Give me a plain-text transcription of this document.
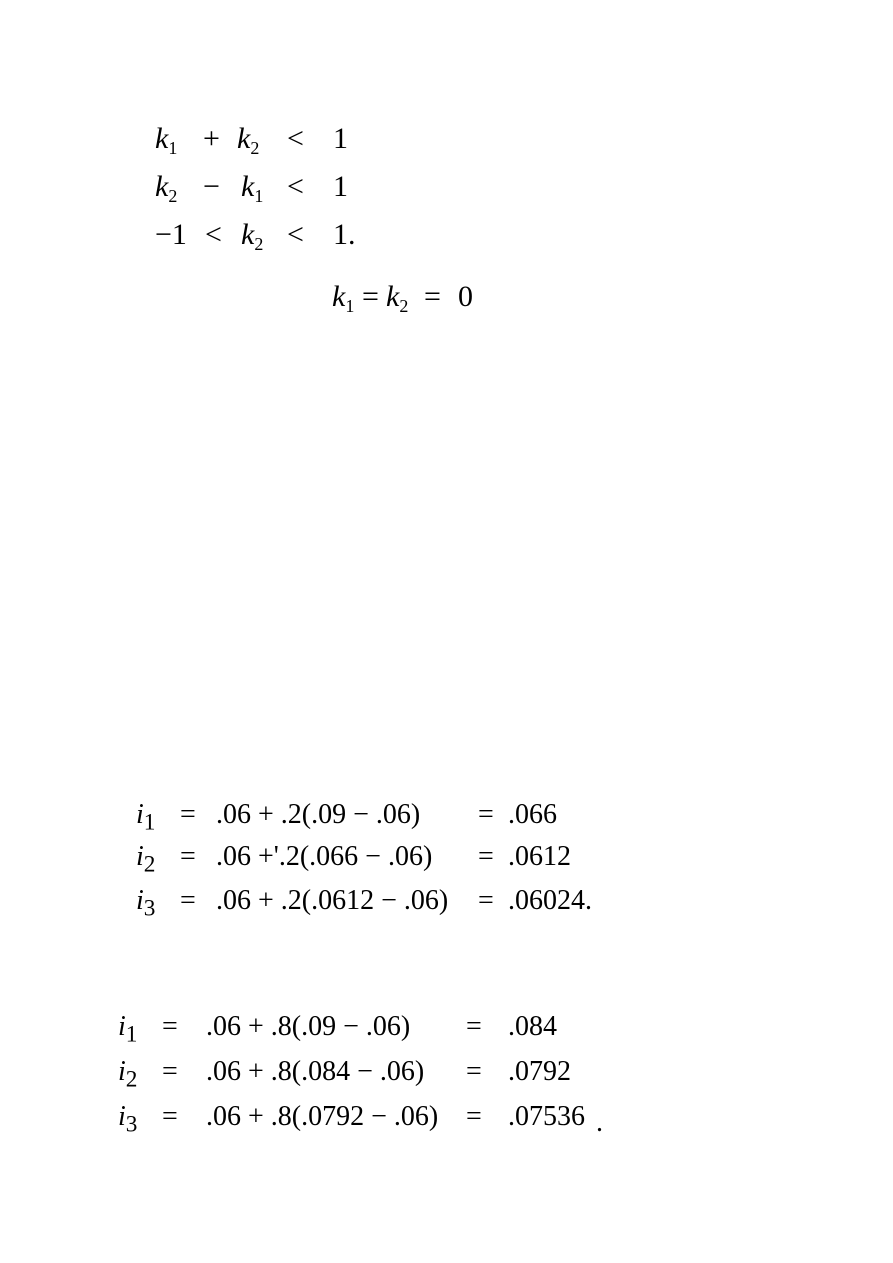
$k_1 + k_2 < 1$
$k_2 - k_1 < 1$
$-1 < k_2 < 1$.
$k_1 = k_2 = 0$
$i_1 = .06 + .2(.09 - .06) = .066$
$i_2 = .06 +'.2(.066 - .06) = .0612$
$i_3 = .06 + .2(.0612 - .06) = .06024$.
$i_1 = .06 + .8(.09 - .06) = .084$
$i_2 = .06 + .8(.084 - .06) = .0792$
$i_3 = .06 + .8(.0792 - .06) = .07536$ .
